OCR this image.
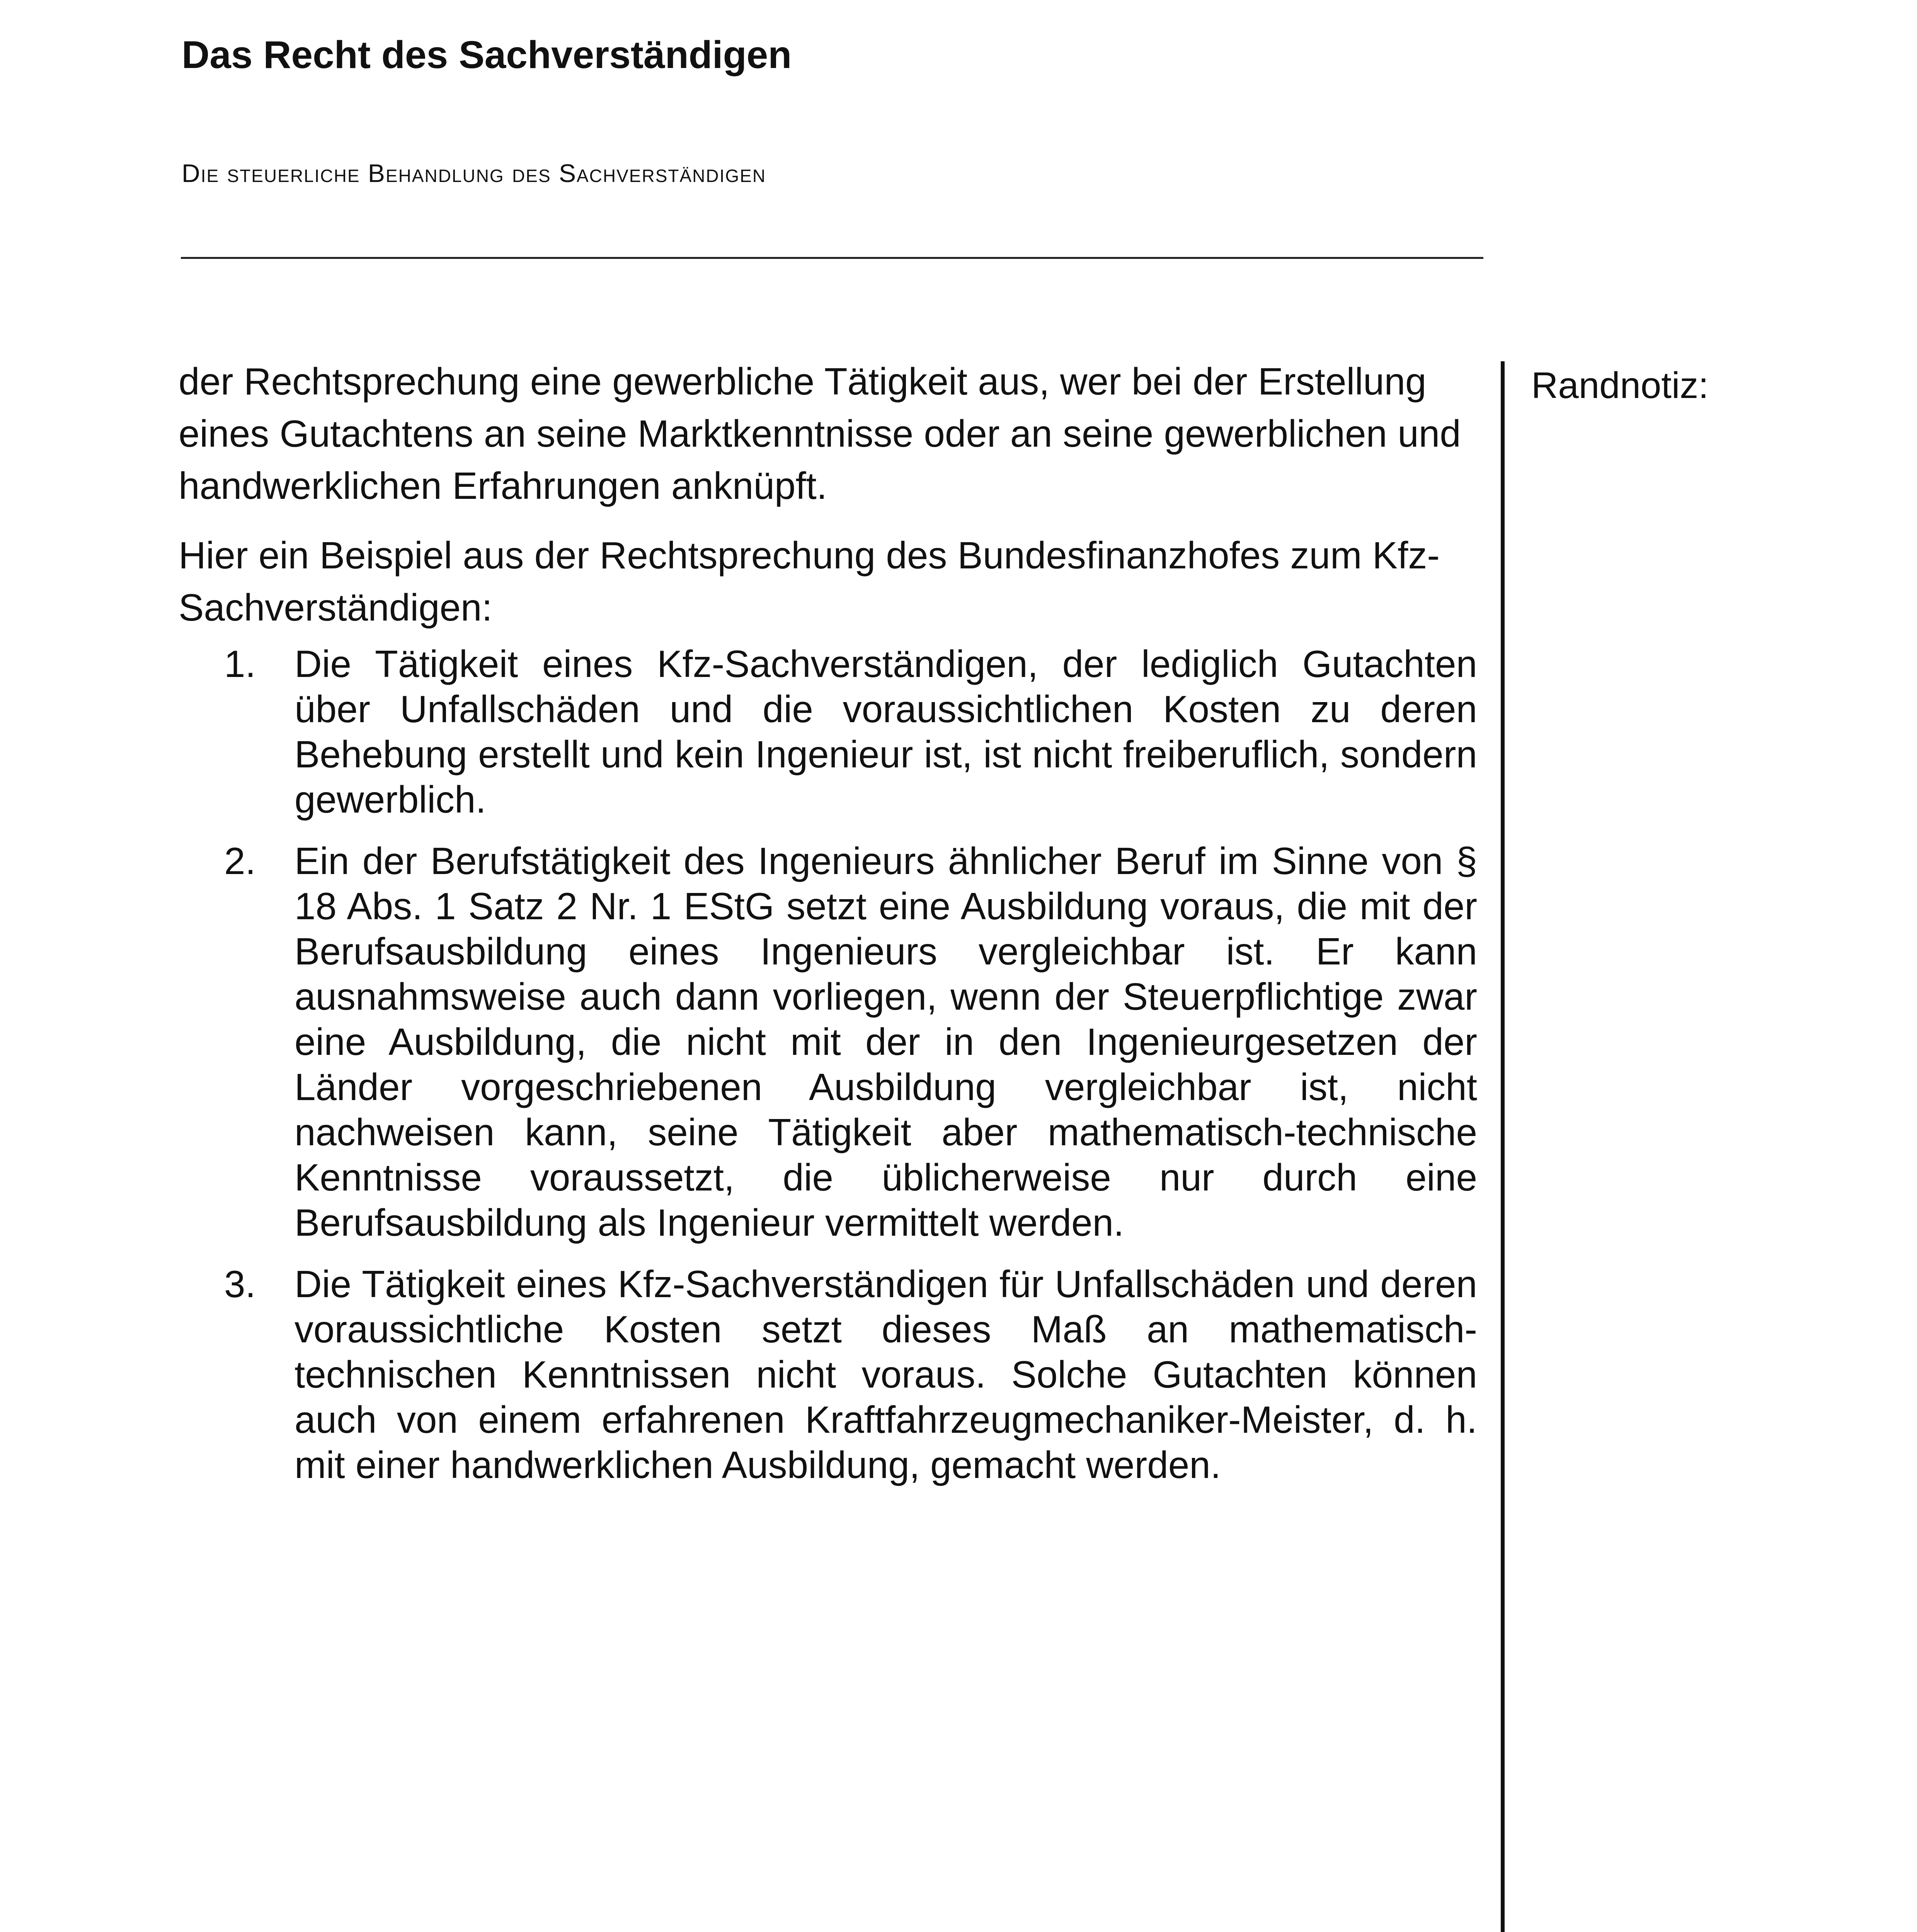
Das Recht des Sachverständigen
Die steuerliche Behandlung des Sachverständigen
Randnotiz:

der Rechtsprechung eine gewerbliche Tätigkeit aus, wer bei der Erstellung eines Gutachtens an seine Marktkenntnisse oder an seine gewerblichen und handwerklichen Erfahrungen anknüpft.

Hier ein Beispiel aus der Rechtsprechung des Bundesfinanzhofes zum Kfz-Sachverständigen:

1. Die Tätigkeit eines Kfz-Sachverständigen, der lediglich Gutachten über Unfallschäden und die voraussichtlichen Kosten zu deren Behebung erstellt und kein Ingenieur ist, ist nicht freiberuflich, sondern gewerblich.
2. Ein der Berufstätigkeit des Ingenieurs ähnlicher Beruf im Sinne von § 18 Abs. 1 Satz 2 Nr. 1 EStG setzt eine Ausbildung voraus, die mit der Berufsausbildung eines Ingenieurs vergleichbar ist. Er kann ausnahmsweise auch dann vorliegen, wenn der Steuerpflichtige zwar eine Ausbildung, die nicht mit der in den Ingenieurgesetzen der Länder vorgeschriebenen Ausbildung vergleichbar ist, nicht nachweisen kann, seine Tätigkeit aber mathematisch-technische Kenntnisse voraussetzt, die üblicherweise nur durch eine Berufsausbildung als Ingenieur vermittelt werden.
3. Die Tätigkeit eines Kfz-Sachverständigen für Unfallschäden und deren voraussichtliche Kosten setzt dieses Maß an mathematisch-technischen Kenntnissen nicht voraus. Solche Gutachten können auch von einem erfahrenen Kraftfahrzeugmechaniker-Meister, d. h. mit einer handwerklichen Ausbildung, gemacht werden.
